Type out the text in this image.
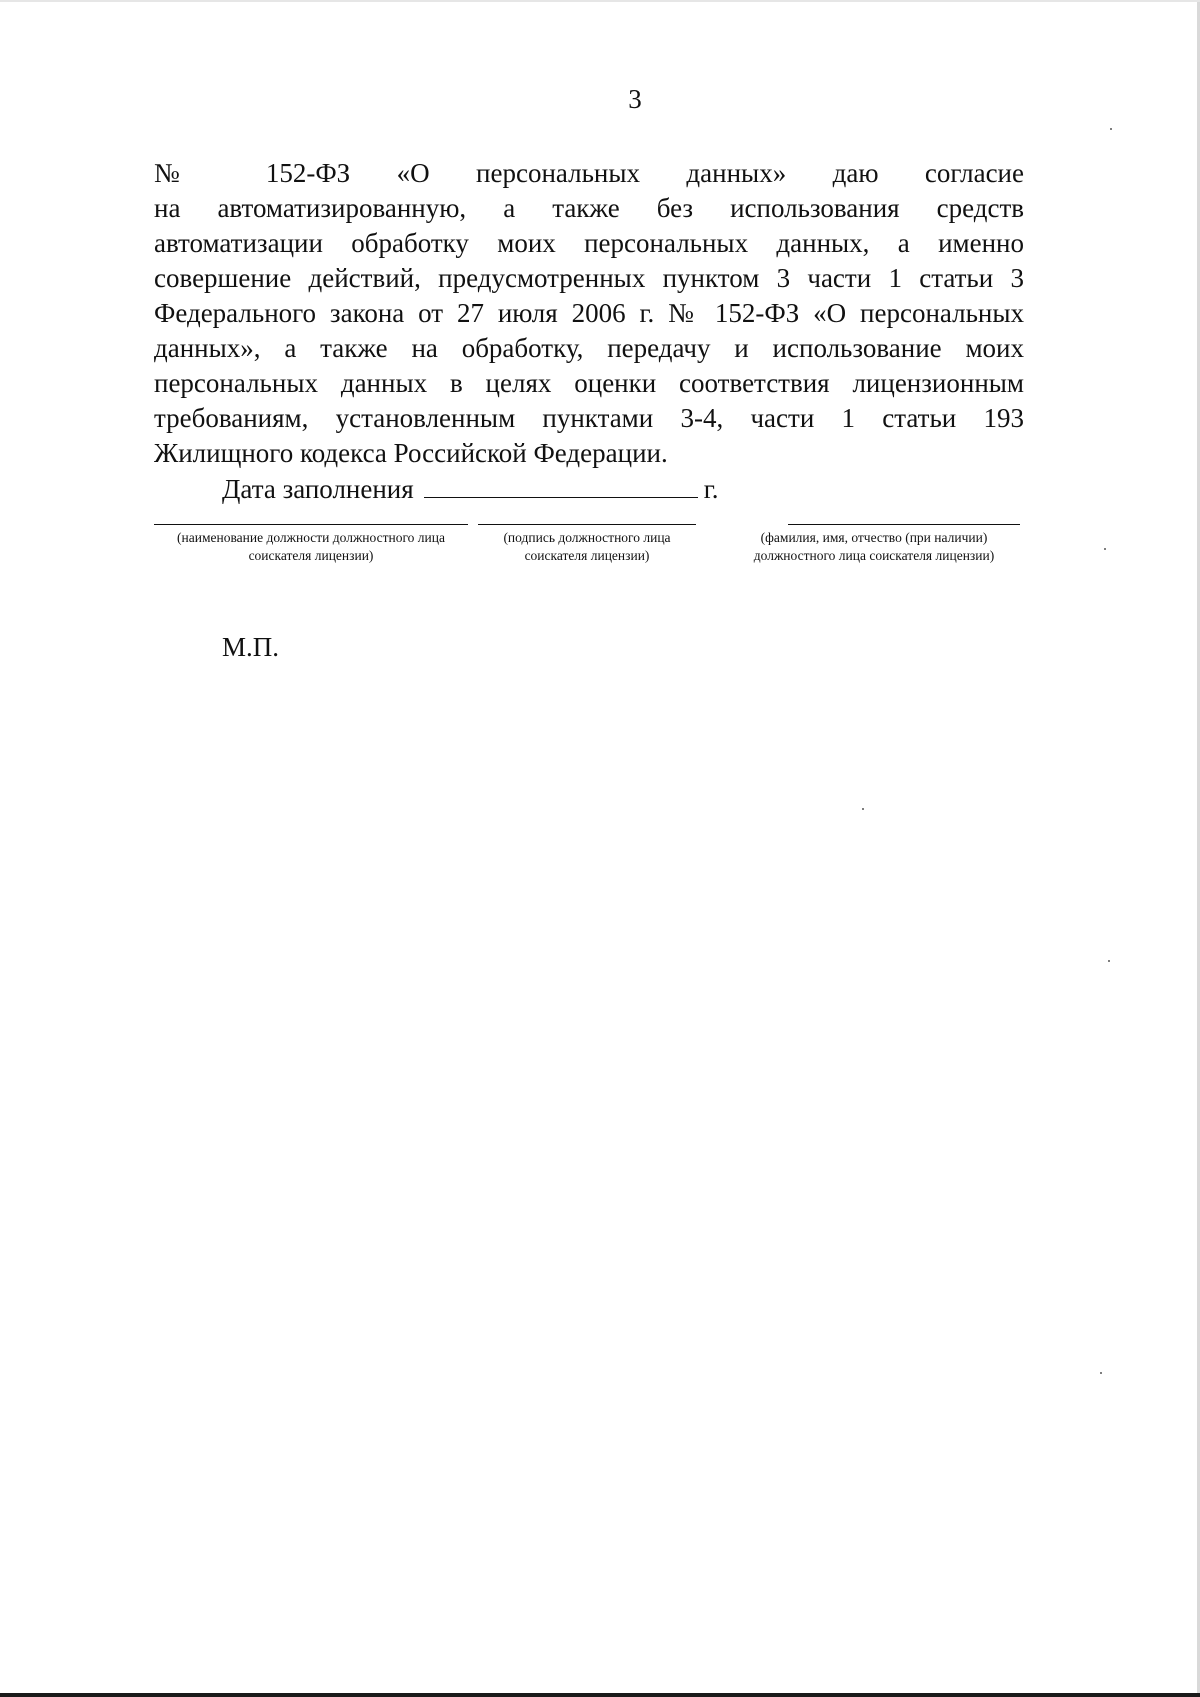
3
№ 152-ФЗ «О персональных данных» даю согласие
на автоматизированную, а также без использования средств
автоматизации обработку моих персональных данных, а именно
совершение действий, предусмотренных пунктом 3 части 1 статьи 3
Федерального закона от 27 июля 2006 г. № 152-ФЗ «О персональных
данных», а также на обработку, передачу и использование моих
персональных данных в целях оценки соответствия лицензионным
требованиям, установленным пунктами 3-4, части 1 статьи 193
Жилищного кодекса Российской Федерации.
Дата заполнения	г.
(наименование должности должностного лица соискателя лицензии)
(подпись должностного лица соискателя лицензии)
(фамилия, имя, отчество (при наличии) должностного лица соискателя лицензии)
М.П.
